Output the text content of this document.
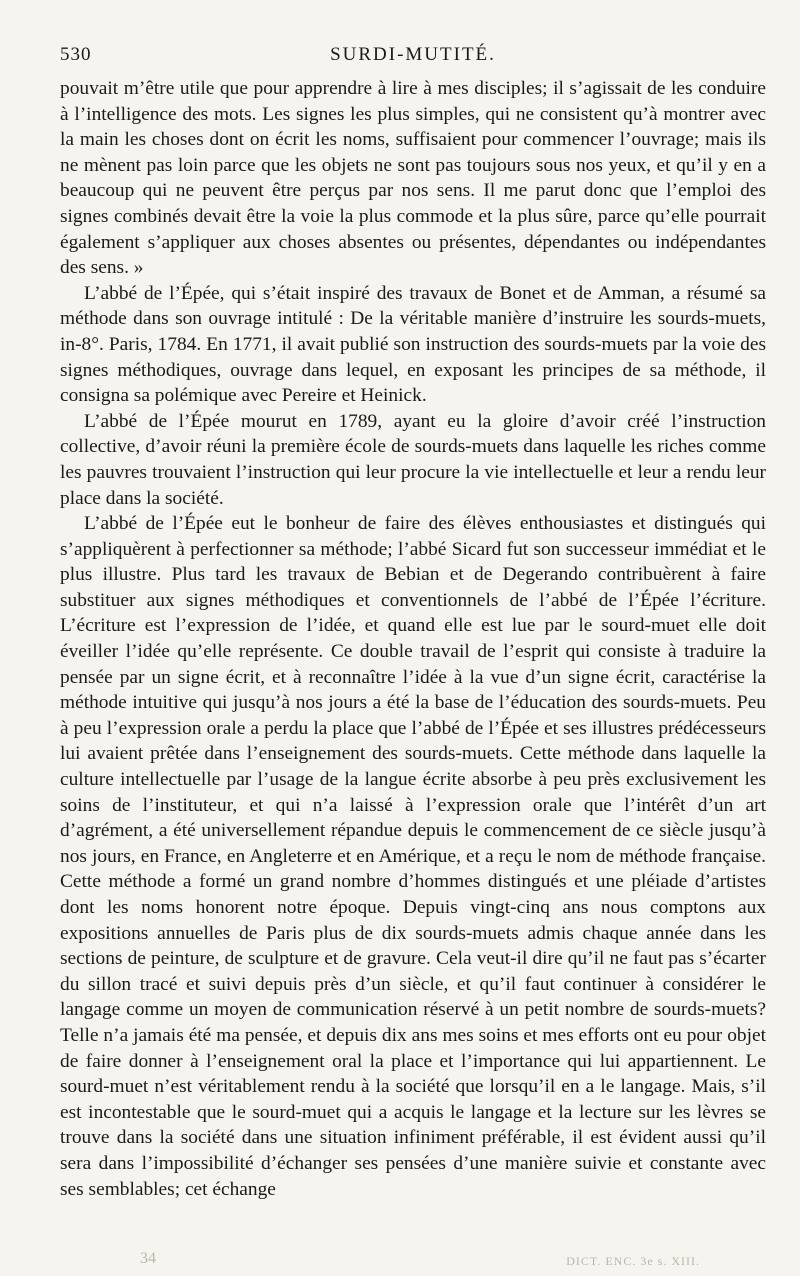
530	SURDI-MUTITÉ.

pouvait m’être utile que pour apprendre à lire à mes disciples; il s’agissait de les conduire à l’intelligence des mots. Les signes les plus simples, qui ne consistent qu’à montrer avec la main les choses dont on écrit les noms, suffisaient pour commencer l’ouvrage; mais ils ne mènent pas loin parce que les objets ne sont pas toujours sous nos yeux, et qu’il y en a beaucoup qui ne peuvent être perçus par nos sens. Il me parut donc que l’emploi des signes combinés devait être la voie la plus commode et la plus sûre, parce qu’elle pourrait également s’appliquer aux choses absentes ou présentes, dépendantes ou indépendantes des sens. »

L’abbé de l’Épée, qui s’était inspiré des travaux de Bonet et de Amman, a résumé sa méthode dans son ouvrage intitulé : De la véritable manière d’instruire les sourds-muets, in-8°. Paris, 1784. En 1771, il avait publié son instruction des sourds-muets par la voie des signes méthodiques, ouvrage dans lequel, en exposant les principes de sa méthode, il consigna sa polémique avec Pereire et Heinick.

L’abbé de l’Épée mourut en 1789, ayant eu la gloire d’avoir créé l’instruction collective, d’avoir réuni la première école de sourds-muets dans laquelle les riches comme les pauvres trouvaient l’instruction qui leur procure la vie intellectuelle et leur a rendu leur place dans la société.

L’abbé de l’Épée eut le bonheur de faire des élèves enthousiastes et distingués qui s’appliquèrent à perfectionner sa méthode; l’abbé Sicard fut son successeur immédiat et le plus illustre. Plus tard les travaux de Bebian et de Degerando contribuèrent à faire substituer aux signes méthodiques et conventionnels de l’abbé de l’Épée l’écriture. L’écriture est l’expression de l’idée, et quand elle est lue par le sourd-muet elle doit éveiller l’idée qu’elle représente. Ce double travail de l’esprit qui consiste à traduire la pensée par un signe écrit, et à reconnaître l’idée à la vue d’un signe écrit, caractérise la méthode intuitive qui jusqu’à nos jours a été la base de l’éducation des sourds-muets. Peu à peu l’expression orale a perdu la place que l’abbé de l’Épée et ses illustres prédécesseurs lui avaient prêtée dans l’enseignement des sourds-muets. Cette méthode dans laquelle la culture intellectuelle par l’usage de la langue écrite absorbe à peu près exclusivement les soins de l’instituteur, et qui n’a laissé à l’expression orale que l’intérêt d’un art d’agrément, a été universellement répandue depuis le commencement de ce siècle jusqu’à nos jours, en France, en Angleterre et en Amérique, et a reçu le nom de méthode française. Cette méthode a formé un grand nombre d’hommes distingués et une pléiade d’artistes dont les noms honorent notre époque. Depuis vingt-cinq ans nous comptons aux expositions annuelles de Paris plus de dix sourds-muets admis chaque année dans les sections de peinture, de sculpture et de gravure. Cela veut-il dire qu’il ne faut pas s’écarter du sillon tracé et suivi depuis près d’un siècle, et qu’il faut continuer à considérer le langage comme un moyen de communication réservé à un petit nombre de sourds-muets? Telle n’a jamais été ma pensée, et depuis dix ans mes soins et mes efforts ont eu pour objet de faire donner à l’enseignement oral la place et l’importance qui lui appartiennent. Le sourd-muet n’est véritablement rendu à la société que lorsqu’il en a le langage. Mais, s’il est incontestable que le sourd-muet qui a acquis le langage et la lecture sur les lèvres se trouve dans la société dans une situation infiniment préférable, il est évident aussi qu’il sera dans l’impossibilité d’échanger ses pensées d’une manière suivie et constante avec ses semblables; cet échange

34	DICT. ENC. 3e s. XIII.
